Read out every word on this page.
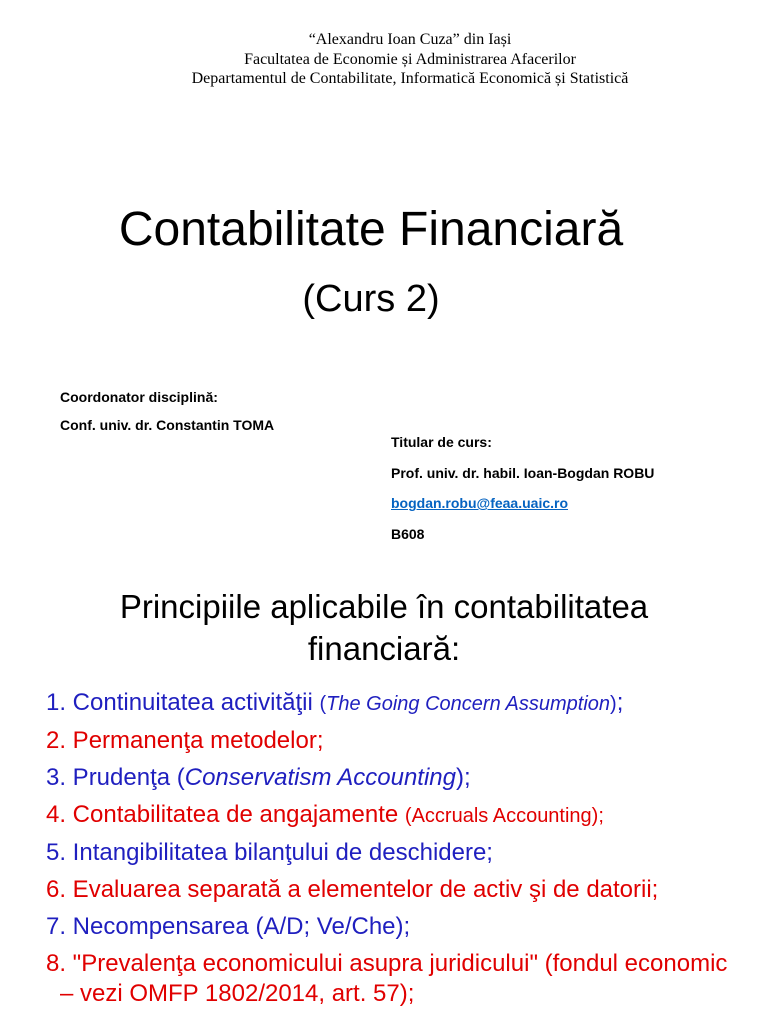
“Alexandru Ioan Cuza” din Iași
Facultatea de Economie și Administrarea Afacerilor
Departamentul de Contabilitate, Informatică Economică și Statistică
Contabilitate Financiară
(Curs 2)
Coordonator disciplină:
Conf. univ. dr. Constantin TOMA
Titular de curs:
Prof. univ. dr. habil. Ioan-Bogdan ROBU
bogdan.robu@feaa.uaic.ro
B608
Principiile aplicabile în contabilitatea
financiară:
1. Continuitatea activităţii (The Going Concern Assumption);
2. Permanenţa metodelor;
3. Prudenţa (Conservatism Accounting);
4. Contabilitatea de angajamente (Accruals Accounting);
5. Intangibilitatea bilanţului de deschidere;
6. Evaluarea separată a elementelor de activ şi de datorii;
7. Necompensarea (A/D; Ve/Che);
8. "Prevalenţa economicului asupra juridicului" (fondul economic – vezi OMFP 1802/2014, art. 57);
